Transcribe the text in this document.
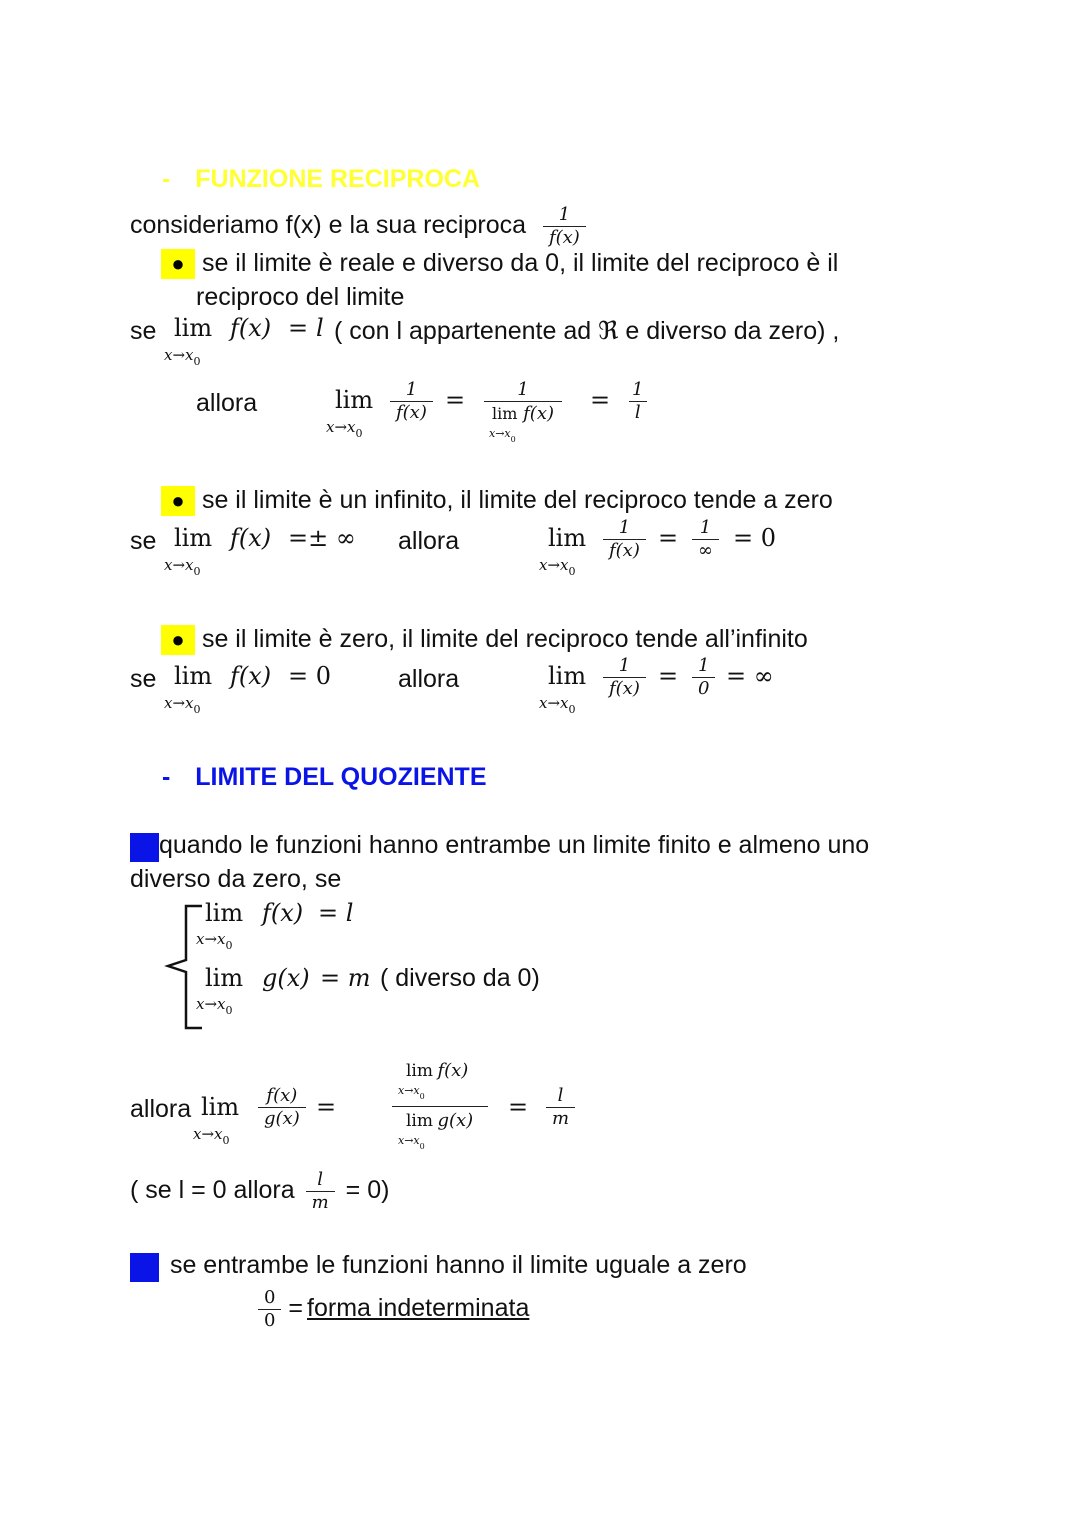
- FUNZIONE RECIPROCA
consideriamo f(x) e la sua reciproca $\frac{1}{f(x)}$
● se il limite è reale e diverso da 0, il limite del reciproco è il
reciproco del limite
se lim
$x\to x_0$
f(x) = l ( con l appartenente ad ℜ e diverso da zero) ,
allora	lim
$x\to x_0$
$\frac{1}{f(x)} = \frac{1}{\text{lim f(x)}}$
$x\to x_0$
= $\frac{1}{l}$
● se il limite è un infinito, il limite del reciproco tende a zero
se lim
$x\to x_0$
f(x) =± ∞ allora	lim
$x\to x_0$
$\frac{1}{f(x)} = \frac{1}{\infty} = 0$
● se il limite è zero, il limite del reciproco tende all’infinito
se lim
$x\to x_0$
f(x) = 0	allora	lim
$x\to x_0$
$\frac{1}{f(x)} = \frac{1}{0}$ = ∞
- LIMITE DEL QUOZIENTE
→ quando le funzioni hanno entrambe un limite finito e almeno uno
diverso da zero, se
lim
$x\to x_0$
f(x) = l
lim
$x\to x_0$
g(x) = m ( diverso da 0)
allora lim
$x\to x_0$
$\frac{f(x)}{g(x)}$ =
lim f(x)
$x\to x_0$
lim g(x)
$x\to x_0$
= $\frac{l}{m}$
( se l = 0 allora $\frac{l}{m} = 0$)
→ se entrambe le funzioni hanno il limite uguale a zero
$\frac{0}{0}$ = forma indeterminata
